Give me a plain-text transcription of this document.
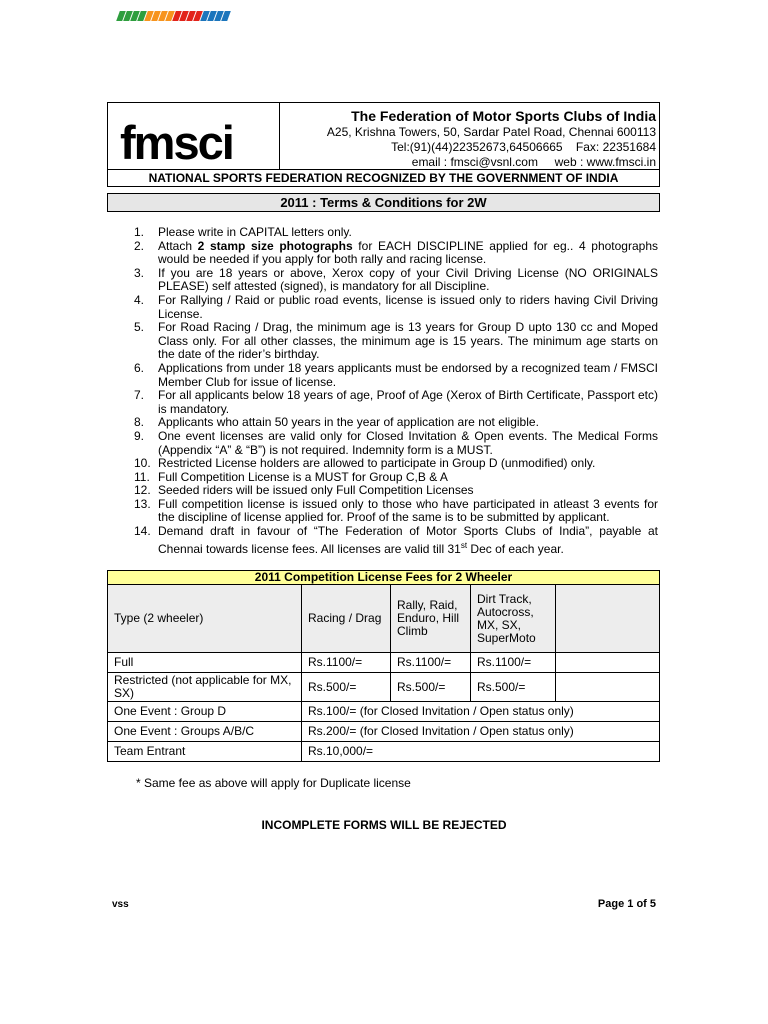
fmsci	The Federation of Motor Sports Clubs of India
A25, Krishna Towers, 50, Sardar Patel Road, Chennai 600113
Tel:(91)(44)22352673,64506665    Fax: 22351684
email : fmsci@vsnl.com     web : www.fmsci.in
NATIONAL SPORTS FEDERATION RECOGNIZED BY THE GOVERNMENT OF INDIA
2011 : Terms & Conditions for 2W
1. Please write in CAPITAL letters only.
2. Attach 2 stamp size photographs for EACH DISCIPLINE applied for eg.. 4 photographs would be needed if you apply for both rally and racing license.
3. If you are 18 years or above, Xerox copy of your Civil Driving License (NO ORIGINALS PLEASE) self attested (signed), is mandatory for all Discipline.
4. For Rallying / Raid or public road events, license is issued only to riders having Civil Driving License.
5. For Road Racing / Drag, the minimum age is 13 years for Group D upto 130 cc and Moped Class only. For all other classes, the minimum age is 15 years. The minimum age starts on the date of the rider’s birthday.
6. Applications from under 18 years applicants must be endorsed by a recognized team / FMSCI Member Club for issue of license.
7. For all applicants below 18 years of age, Proof of Age (Xerox of Birth Certificate, Passport etc) is mandatory.
8. Applicants who attain 50 years in the year of application are not eligible.
9. One event licenses are valid only for Closed Invitation & Open events. The Medical Forms (Appendix “A” & “B”) is not required. Indemnity form is a MUST.
10. Restricted License holders are allowed to participate in Group D (unmodified) only.
11. Full Competition License is a MUST for Group C,B & A
12. Seeded riders will be issued only Full Competition Licenses
13. Full competition license is issued only to those who have participated in atleast 3 events for the discipline of license applied for. Proof of the same is to be submitted by applicant.
14. Demand draft in favour of “The Federation of Motor Sports Clubs of India”, payable at Chennai towards license fees. All licenses are valid till 31st Dec of each year.
2011 Competition License Fees for 2 Wheeler				
Type (2 wheeler)	Racing / Drag	Rally, Raid, Enduro, Hill Climb	Dirt Track, Autocross, MX, SX, SuperMoto	
Full	Rs.1100/=	Rs.1100/=	Rs.1100/=	
Restricted (not applicable for MX, SX)	Rs.500/=	Rs.500/=	Rs.500/=	
One Event : Group D	Rs.100/= (for Closed Invitation / Open status only)			
One Event : Groups A/B/C	Rs.200/= (for Closed Invitation / Open status only)			
Team Entrant	Rs.10,000/=			
* Same fee as above will apply for Duplicate license
INCOMPLETE FORMS WILL BE REJECTED
vss	Page 1 of 5
